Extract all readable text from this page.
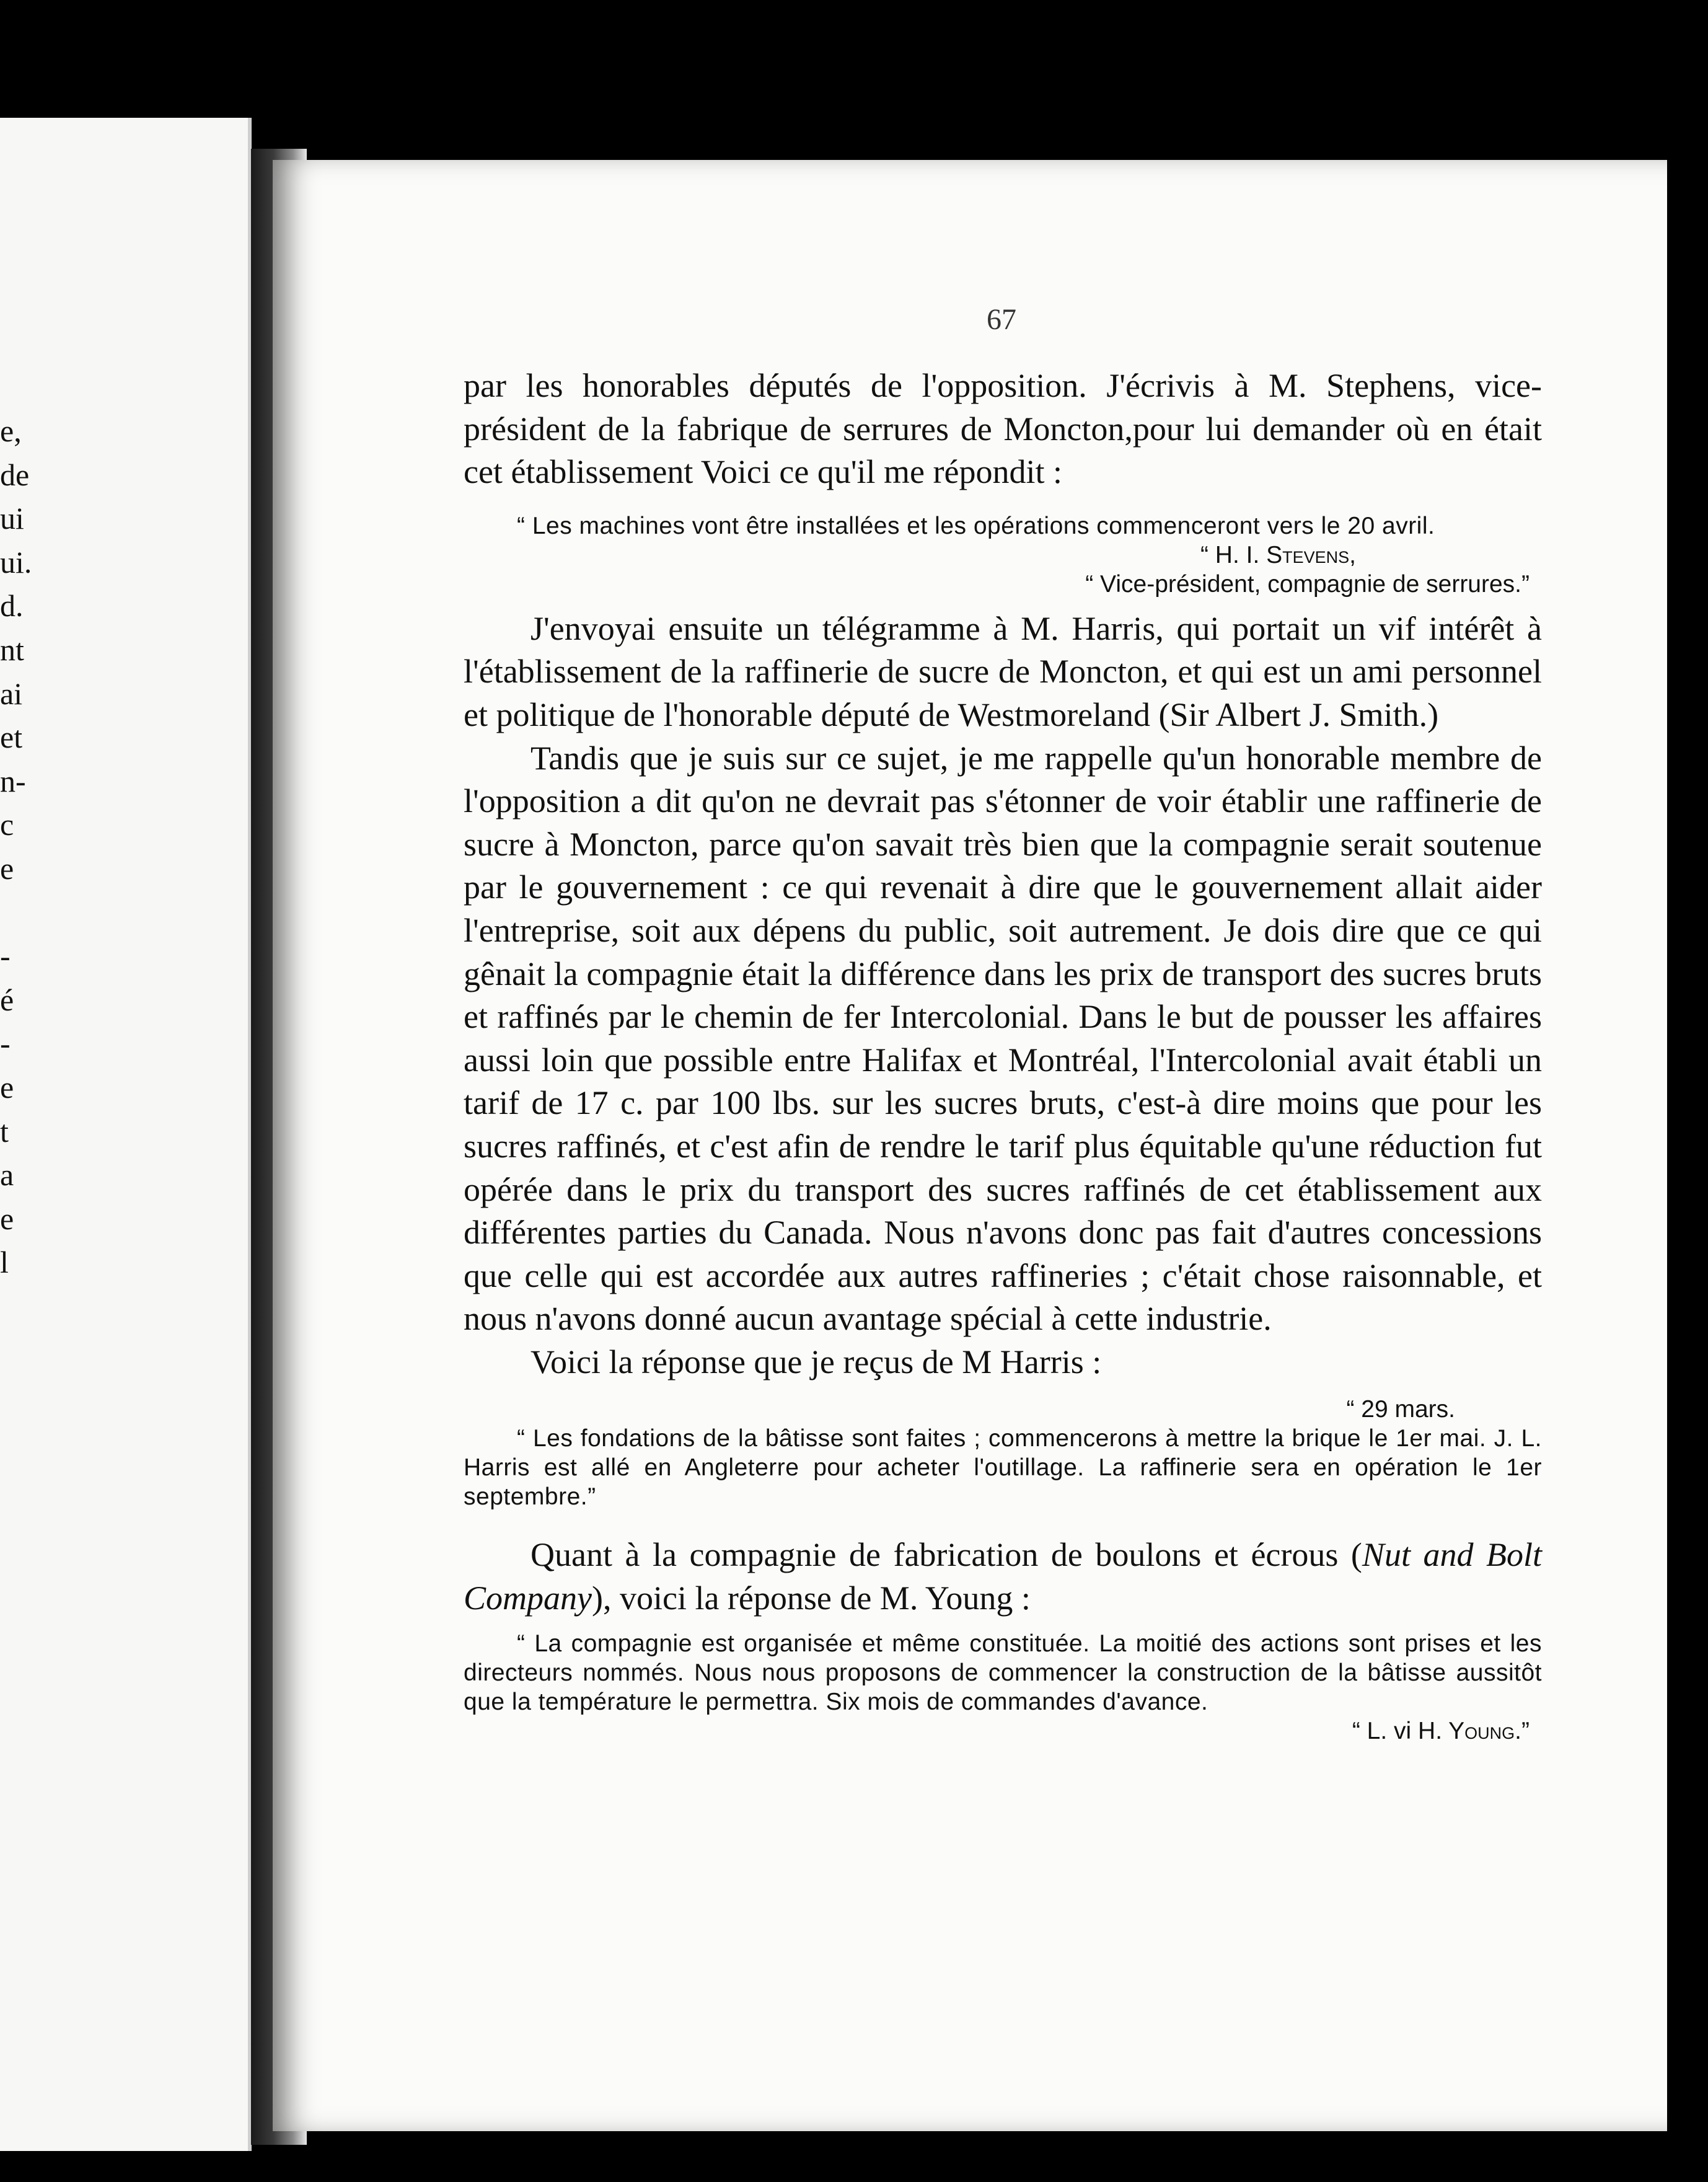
e,
de
ui
ui.
d.
nt
ai
et
n-
c
e
-
é
-
e
t
a
e
l
67

par les honorables députés de l'opposition. J'écrivis à M. Stephens, vice-président de la fabrique de serrures de Moncton,pour lui demander où en était cet établissement Voici ce qu'il me répondit :

“ Les machines vont être installées et les opérations commenceront vers le 20 avril.

“ H. I. Stevens,

“ Vice-président, compagnie de serrures.”

J'envoyai ensuite un télégramme à M. Harris, qui portait un vif intérêt à l'établissement de la raffinerie de sucre de Moncton, et qui est un ami personnel et politique de l'honorable député de Westmoreland (Sir Albert J. Smith.)

Tandis que je suis sur ce sujet, je me rappelle qu'un honorable membre de l'opposition a dit qu'on ne devrait pas s'étonner de voir établir une raffinerie de sucre à Moncton, parce qu'on savait très bien que la compagnie serait soutenue par le gouvernement : ce qui revenait à dire que le gouvernement allait aider l'entreprise, soit aux dépens du public, soit autrement. Je dois dire que ce qui gênait la compagnie était la différence dans les prix de transport des sucres bruts et raffinés par le chemin de fer Intercolonial. Dans le but de pousser les affaires aussi loin que possible entre Halifax et Montréal, l'Intercolonial avait établi un tarif de 17 c. par 100 lbs. sur les sucres bruts, c'est-à dire moins que pour les sucres raffinés, et c'est afin de rendre le tarif plus équitable qu'une réduction fut opérée dans le prix du transport des sucres raffinés de cet établissement aux différentes parties du Canada. Nous n'avons donc pas fait d'autres concessions que celle qui est accordée aux autres raffineries ; c'était chose raisonnable, et nous n'avons donné aucun avantage spécial à cette industrie.

Voici la réponse que je reçus de M Harris :

“ 29 mars.

“ Les fondations de la bâtisse sont faites ; commencerons à mettre la brique le 1er mai. J. L. Harris est allé en Angleterre pour acheter l'outillage. La raffinerie sera en opération le 1er septembre.”

Quant à la compagnie de fabrication de boulons et écrous (Nut and Bolt Company), voici la réponse de M. Young :

“ La compagnie est organisée et même constituée. La moitié des actions sont prises et les directeurs nommés. Nous nous proposons de commencer la construction de la bâtisse aussitôt que la température le permettra. Six mois de commandes d'avance.

“ L. vi H. Young.”
